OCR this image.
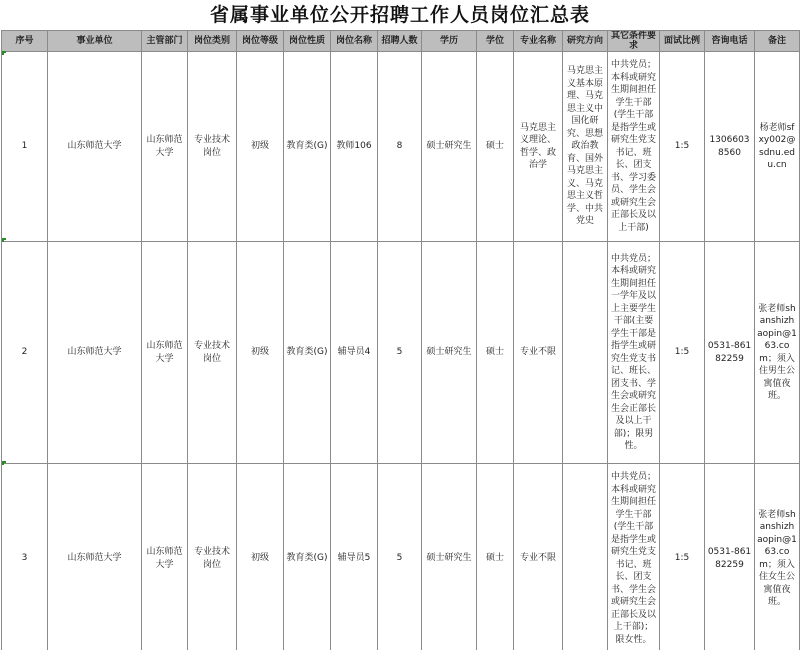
省属事业单位公开招聘工作人员岗位汇总表
序号	事业单位	主管部门	岗位类别	岗位等级	岗位性质	岗位名称	招聘人数	学历	学位	专业名称	研究方向	其它条件要求	面试比例	咨询电话	备注
1	山东师范大学	山东师范大学	专业技术岗位	初级	教育类(G)	教师106	8	硕士研究生	硕士	马克思主义理论、哲学、政治学	马克思主义基本原理、马克思主义中国化研究、思想政治教育、国外马克思主义、马克思主义哲学、中共党史	中共党员；本科或研究生期间担任学生干部(学生干部是指学生或研究生党支书记、班长、团支书、学习委员、学生会或研究生会正部长及以上干部)	1:5	13066038560	杨老师sfxy002@sdnu.edu.cn
2	山东师范大学	山东师范大学	专业技术岗位	初级	教育类(G)	辅导员4	5	硕士研究生	硕士	专业不限		中共党员；本科或研究生期间担任一学年及以上主要学生干部(主要学生干部是指学生或研究生党支书记、班长、团支书、学生会或研究生会正部长及以上干部)；限男性。	1:5	0531-86182259	张老师shanshizhaopin@163.com；须入住男生公寓值夜班。
3	山东师范大学	山东师范大学	专业技术岗位	初级	教育类(G)	辅导员5	5	硕士研究生	硕士	专业不限		中共党员；本科或研究生期间担任学生干部(学生干部是指学生或研究生党支书记、班长、团支书、学生会或研究生会正部长及以上干部)；限女性。	1:5	0531-86182259	张老师shanshizhaopin@163.com；须入住女生公寓值夜班。
